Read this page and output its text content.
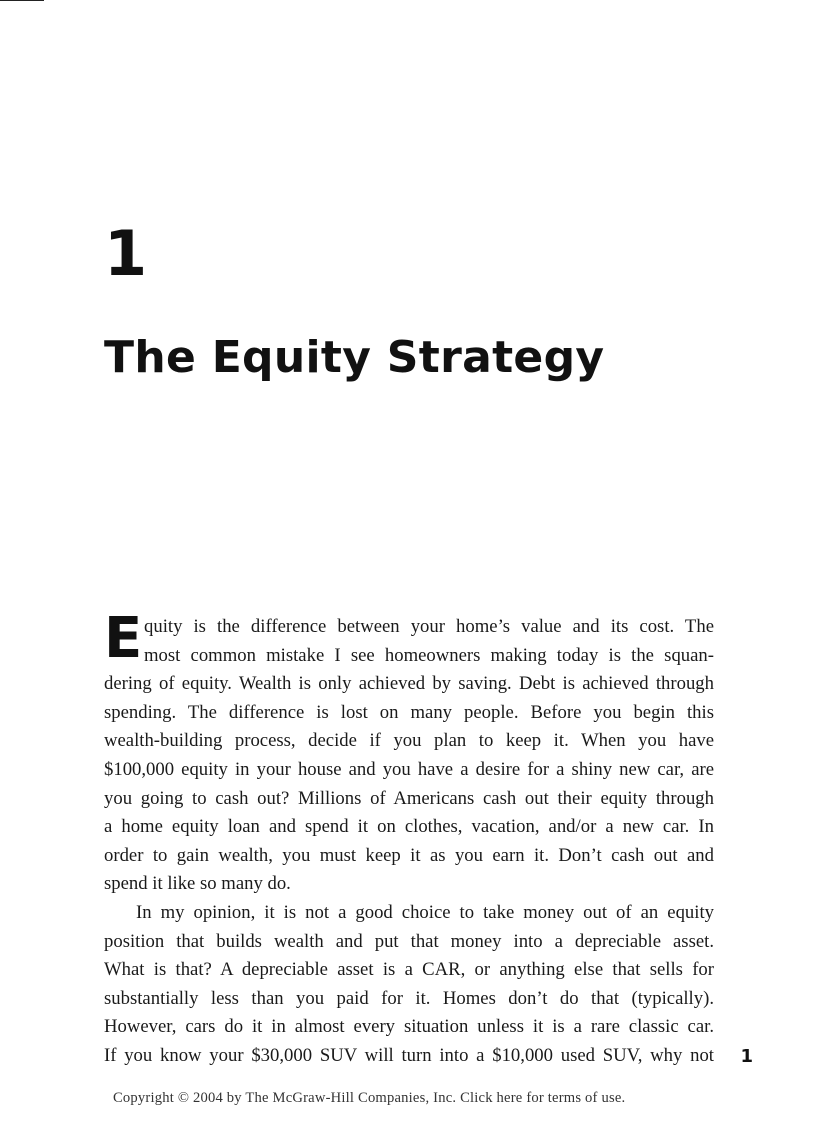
1
The Equity Strategy
E quity is the difference between your home’s value and its cost. The
most common mistake I see homeowners making today is the squan-
dering of equity. Wealth is only achieved by saving. Debt is achieved through
spending. The difference is lost on many people. Before you begin this
wealth-building process, decide if you plan to keep it. When you have
$100,000 equity in your house and you have a desire for a shiny new car, are
you going to cash out? Millions of Americans cash out their equity through
a home equity loan and spend it on clothes, vacation, and/or a new car. In
order to gain wealth, you must keep it as you earn it. Don’t cash out and
spend it like so many do.
In my opinion, it is not a good choice to take money out of an equity
position that builds wealth and put that money into a depreciable asset.
What is that? A depreciable asset is a CAR, or anything else that sells for
substantially less than you paid for it. Homes don’t do that (typically).
However, cars do it in almost every situation unless it is a rare classic car.
If you know your $30,000 SUV will turn into a $10,000 used SUV, why not 1
Copyright © 2004 by The McGraw-Hill Companies, Inc. Click here for terms of use.
